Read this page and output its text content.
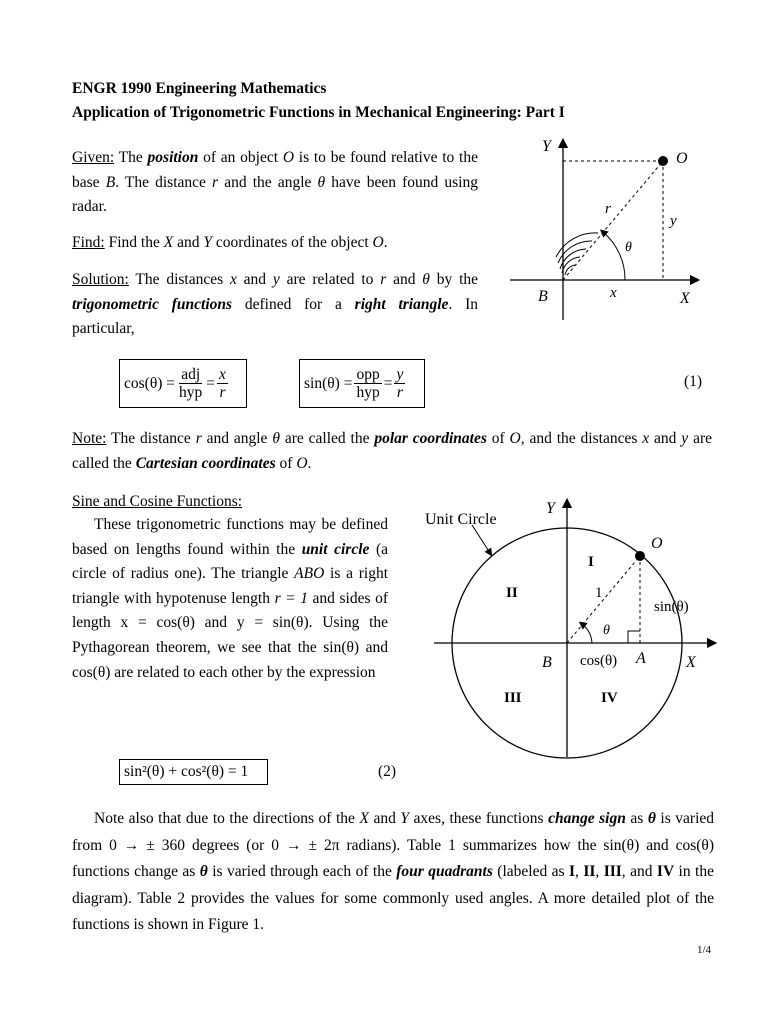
ENGR 1990 Engineering Mathematics
Application of Trigonometric Functions in Mechanical Engineering: Part I
Given: The position of an object O is to be found relative to the base B. The distance r and the angle θ have been found using radar.
Find: Find the X and Y coordinates of the object O.
Solution: The distances x and y are related to r and θ by the trigonometric functions defined for a right triangle. In particular,
Y
O
r
y
θ
B	x	X
$\cos(\theta) = \frac{\text{adj}}{\text{hyp}} = \frac{x}{r}$	$\sin(\theta) = \frac{\text{opp}}{\text{hyp}} = \frac{y}{r}$	(1)
Note: The distance r and angle θ are called the polar coordinates of O, and the distances x and y are called the Cartesian coordinates of O.
Sine and Cosine Functions:
These trigonometric functions may be defined based on lengths found within the unit circle (a circle of radius one). The triangle ABO is a right triangle with hypotenuse length r = 1 and sides of length x = cos(θ) and y = sin(θ). Using the Pythagorean theorem, we see that the sin(θ) and cos(θ) are related to each other by the expression
sin²(θ) + cos²(θ) = 1	(2)
Unit Circle
Y
O
I
II
III	IV
1
sin(θ)
θ
B cos(θ) A	X
Note also that due to the directions of the X and Y axes, these functions change sign as θ is varied from 0 → ± 360 degrees (or 0 → ± 2π radians). Table 1 summarizes how the sin(θ) and cos(θ) functions change as θ is varied through each of the four quadrants (labeled as I, II, III, and IV in the diagram). Table 2 provides the values for some commonly used angles. A more detailed plot of the functions is shown in Figure 1.
1/4
